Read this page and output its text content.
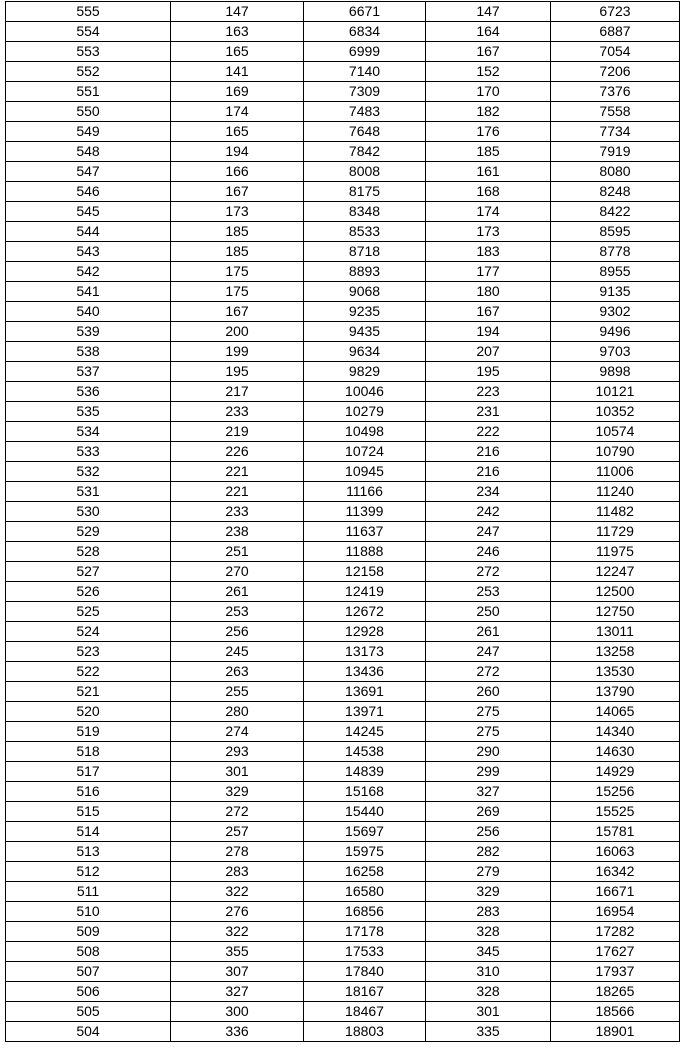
555	147	6671	147	6723
554	163	6834	164	6887
553	165	6999	167	7054
552	141	7140	152	7206
551	169	7309	170	7376
550	174	7483	182	7558
549	165	7648	176	7734
548	194	7842	185	7919
547	166	8008	161	8080
546	167	8175	168	8248
545	173	8348	174	8422
544	185	8533	173	8595
543	185	8718	183	8778
542	175	8893	177	8955
541	175	9068	180	9135
540	167	9235	167	9302
539	200	9435	194	9496
538	199	9634	207	9703
537	195	9829	195	9898
536	217	10046	223	10121
535	233	10279	231	10352
534	219	10498	222	10574
533	226	10724	216	10790
532	221	10945	216	11006
531	221	11166	234	11240
530	233	11399	242	11482
529	238	11637	247	11729
528	251	11888	246	11975
527	270	12158	272	12247
526	261	12419	253	12500
525	253	12672	250	12750
524	256	12928	261	13011
523	245	13173	247	13258
522	263	13436	272	13530
521	255	13691	260	13790
520	280	13971	275	14065
519	274	14245	275	14340
518	293	14538	290	14630
517	301	14839	299	14929
516	329	15168	327	15256
515	272	15440	269	15525
514	257	15697	256	15781
513	278	15975	282	16063
512	283	16258	279	16342
511	322	16580	329	16671
510	276	16856	283	16954
509	322	17178	328	17282
508	355	17533	345	17627
507	307	17840	310	17937
506	327	18167	328	18265
505	300	18467	301	18566
504	336	18803	335	18901
